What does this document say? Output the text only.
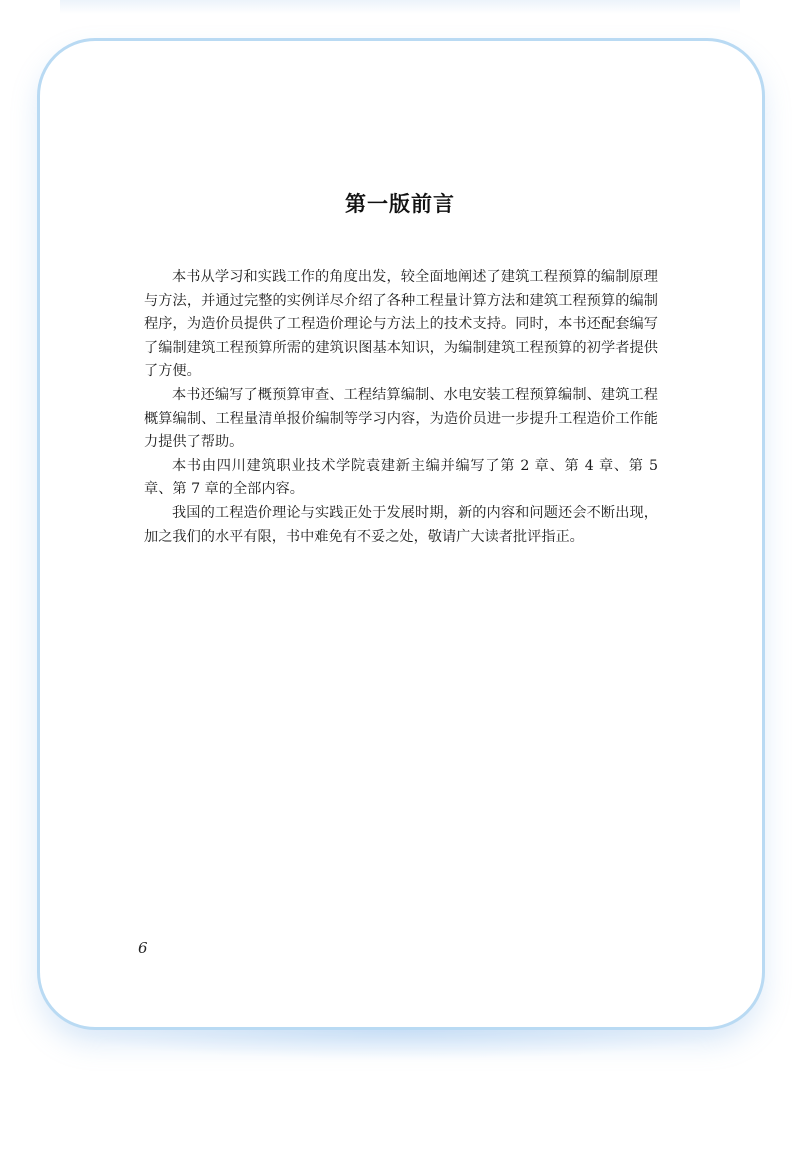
第一版前言

本书从学习和实践工作的角度出发，较全面地阐述了建筑工程预算的编制原理与方法，并通过完整的实例详尽介绍了各种工程量计算方法和建筑工程预算的编制程序，为造价员提供了工程造价理论与方法上的技术支持。同时，本书还配套编写了编制建筑工程预算所需的建筑识图基本知识，为编制建筑工程预算的初学者提供了方便。

本书还编写了概预算审查、工程结算编制、水电安装工程预算编制、建筑工程概算编制、工程量清单报价编制等学习内容，为造价员进一步提升工程造价工作能力提供了帮助。

本书由四川建筑职业技术学院袁建新主编并编写了第 2 章、第 4 章、第 5 章、第 7 章的全部内容。

我国的工程造价理论与实践正处于发展时期，新的内容和问题还会不断出现，加之我们的水平有限，书中难免有不妥之处，敬请广大读者批评指正。

6
